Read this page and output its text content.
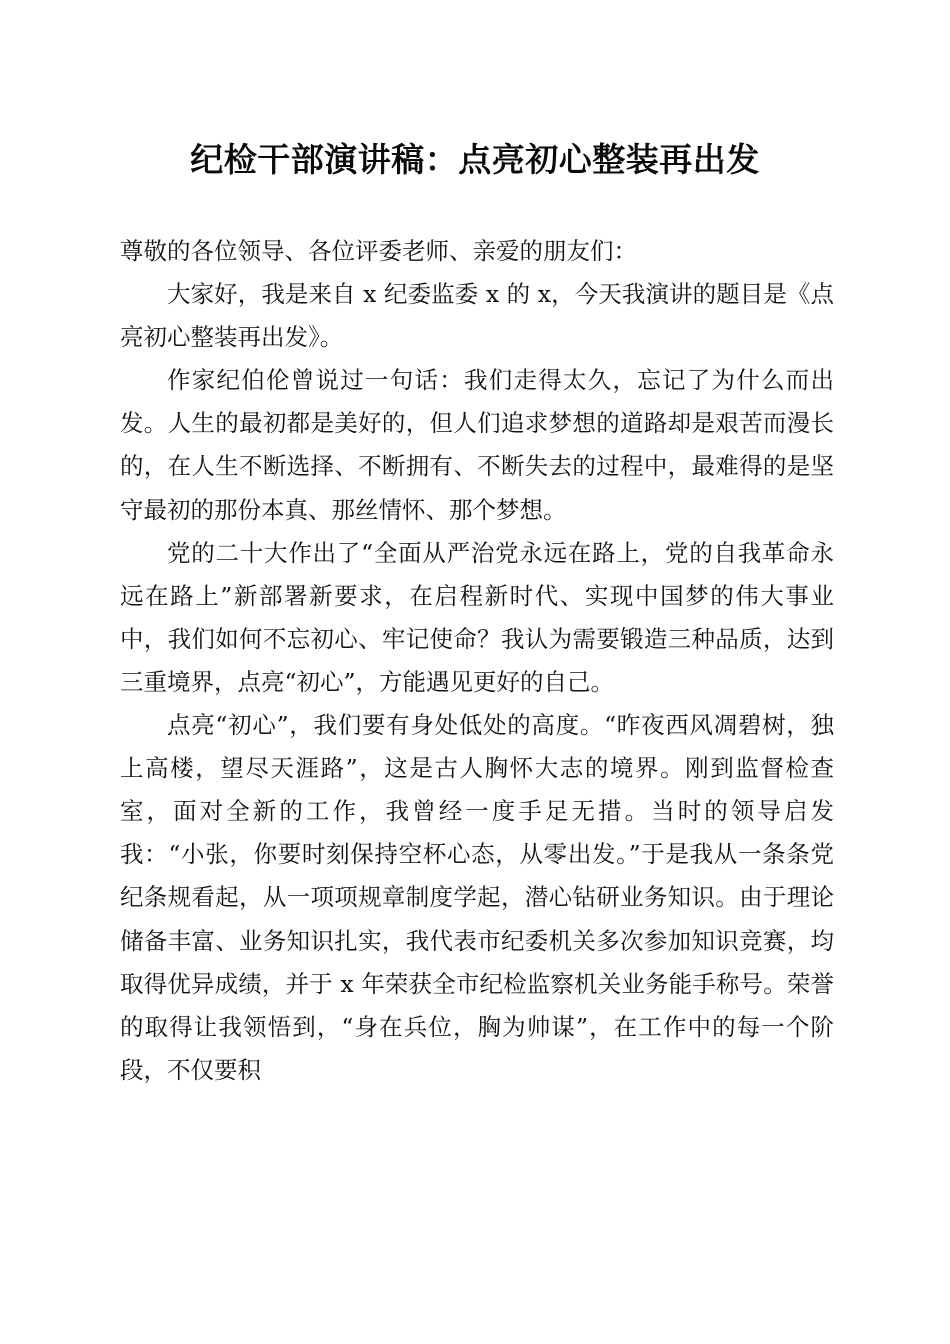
纪检干部演讲稿：点亮初心整装再出发

尊敬的各位领导、各位评委老师、亲爱的朋友们：

大家好，我是来自 x 纪委监委 x 的 x，今天我演讲的题目是《点亮初心整装再出发》。

作家纪伯伦曾说过一句话：我们走得太久，忘记了为什么而出发。人生的最初都是美好的，但人们追求梦想的道路却是艰苦而漫长的，在人生不断选择、不断拥有、不断失去的过程中，最难得的是坚守最初的那份本真、那丝情怀、那个梦想。

党的二十大作出了“全面从严治党永远在路上，党的自我革命永远在路上”新部署新要求，在启程新时代、实现中国梦的伟大事业中，我们如何不忘初心、牢记使命？我认为需要锻造三种品质，达到三重境界，点亮“初心”，方能遇见更好的自己。

点亮“初心”，我们要有身处低处的高度。“昨夜西风凋碧树，独上高楼，望尽天涯路”，这是古人胸怀大志的境界。刚到监督检查室，面对全新的工作，我曾经一度手足无措。当时的领导启发我：“小张，你要时刻保持空杯心态，从零出发。”于是我从一条条党纪条规看起，从一项项规章制度学起，潜心钻研业务知识。由于理论储备丰富、业务知识扎实，我代表市纪委机关多次参加知识竞赛，均取得优异成绩，并于 x 年荣获全市纪检监察机关业务能手称号。荣誉的取得让我领悟到，“身在兵位，胸为帅谋”，在工作中的每一个阶段，不仅要积
